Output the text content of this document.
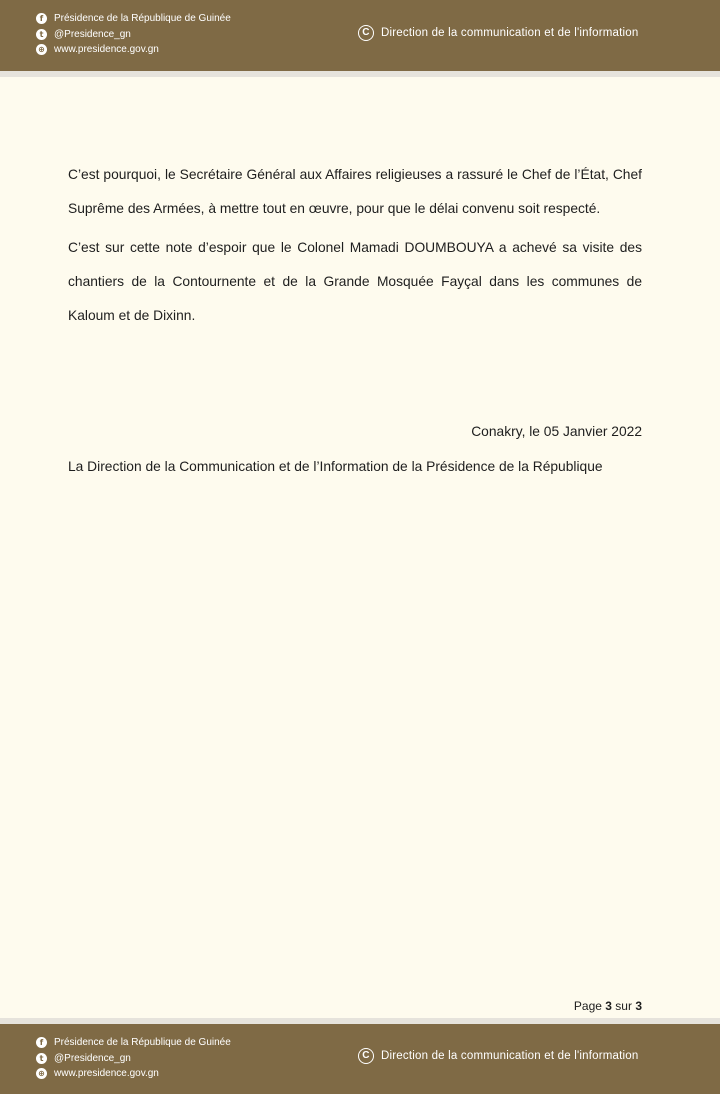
f	Présidence de la République de Guinée
t	@Presidence_gn
⊕ www.presidence.gov.gn
C Direction de la communication et de l'information

C’est pourquoi, le Secrétaire Général aux Affaires religieuses a rassuré le Chef de l’État, Chef Suprême des Armées, à mettre tout en œuvre, pour que le délai convenu soit respecté.

C’est sur cette note d’espoir que le Colonel Mamadi DOUMBOUYA a achevé sa visite des chantiers de la Contournente et de la Grande Mosquée Fayçal dans les communes de Kaloum et de Dixinn.

Conakry, le 05 Janvier 2022
La Direction de la Communication et de l’Information de la Présidence de la République
Page 3 sur 3
f	Présidence de la République de Guinée
t	@Presidence_gn
⊕ www.presidence.gov.gn
C Direction de la communication et de l'information
